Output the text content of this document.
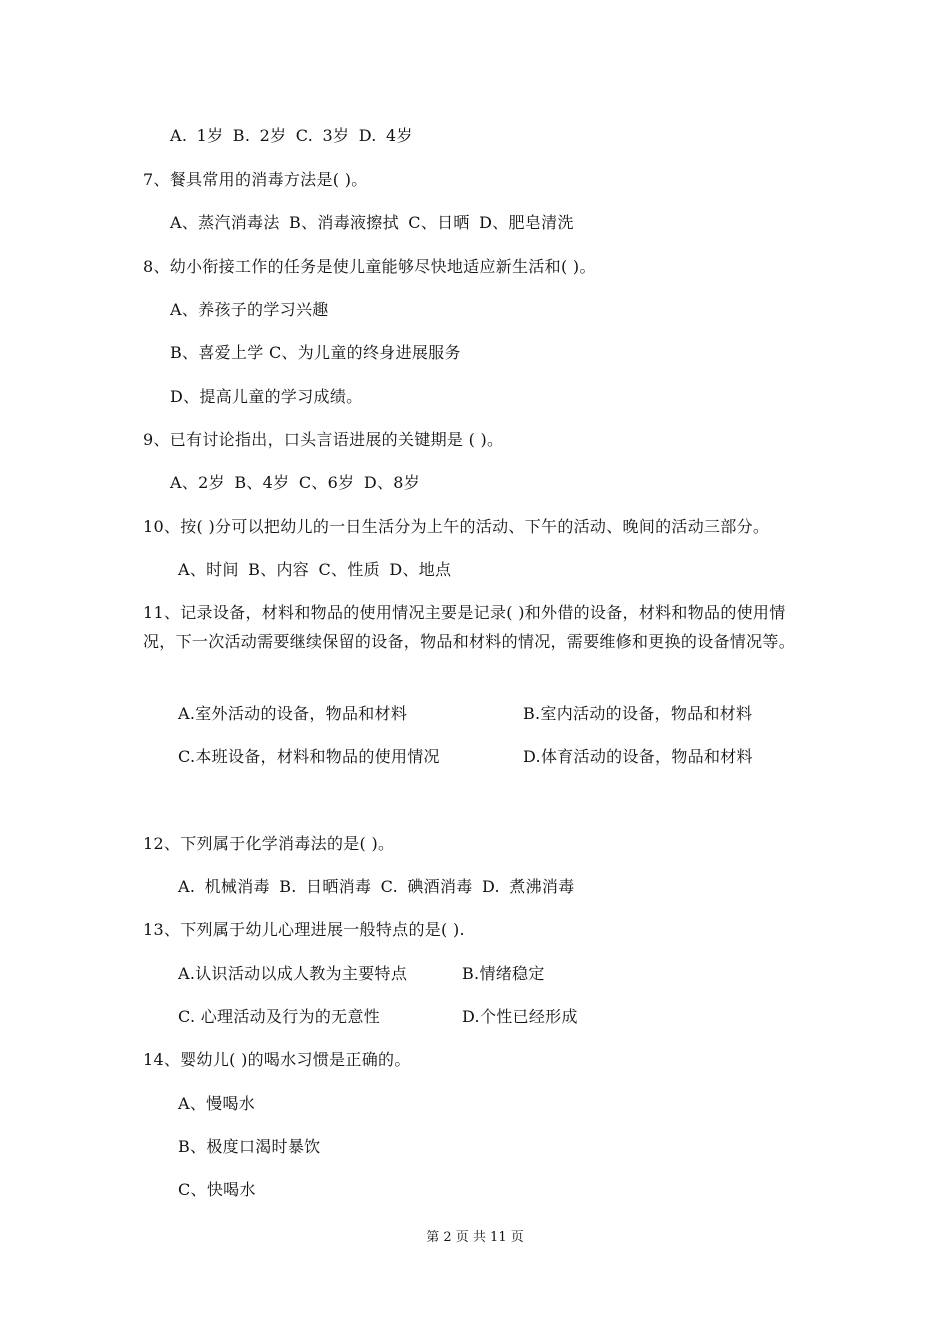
A. 1岁 B. 2岁 C. 3岁 D. 4岁
7、餐具常用的消毒方法是( )。
A、蒸汽消毒法 B、消毒液擦拭 C、日晒 D、肥皂清洗
8、幼小衔接工作的任务是使儿童能够尽快地适应新生活和( )。
A、养孩子的学习兴趣
B、喜爱上学 C、为儿童的终身进展服务
D、提高儿童的学习成绩。
9、已有讨论指出，口头言语进展的关键期是 ( )。
A、2岁 B、4岁 C、6岁 D、8岁
10、按( )分可以把幼儿的一日生活分为上午的活动、下午的活动、晚间的活动三部分。
A、时间 B、内容 C、性质 D、地点
11、记录设备，材料和物品的使用情况主要是记录( )和外借的设备，材料和物品的使用情况，下一次活动需要继续保留的设备，物品和材料的情况，需要维修和更换的设备情况等。
A.室外活动的设备，物品和材料	B.室内活动的设备，物品和材料
C.本班设备，材料和物品的使用情况	D.体育活动的设备，物品和材料
12、下列属于化学消毒法的是( )。
A. 机械消毒 B. 日晒消毒 C. 碘酒消毒 D. 煮沸消毒
13、下列属于幼儿心理进展一般特点的是( ).
A.认识活动以成人教为主要特点	B.情绪稳定
C. 心理活动及行为的无意性	D.个性已经形成
14、婴幼儿( )的喝水习惯是正确的。
A、慢喝水
B、极度口渴时暴饮
C、快喝水
第 2 页 共 11 页
